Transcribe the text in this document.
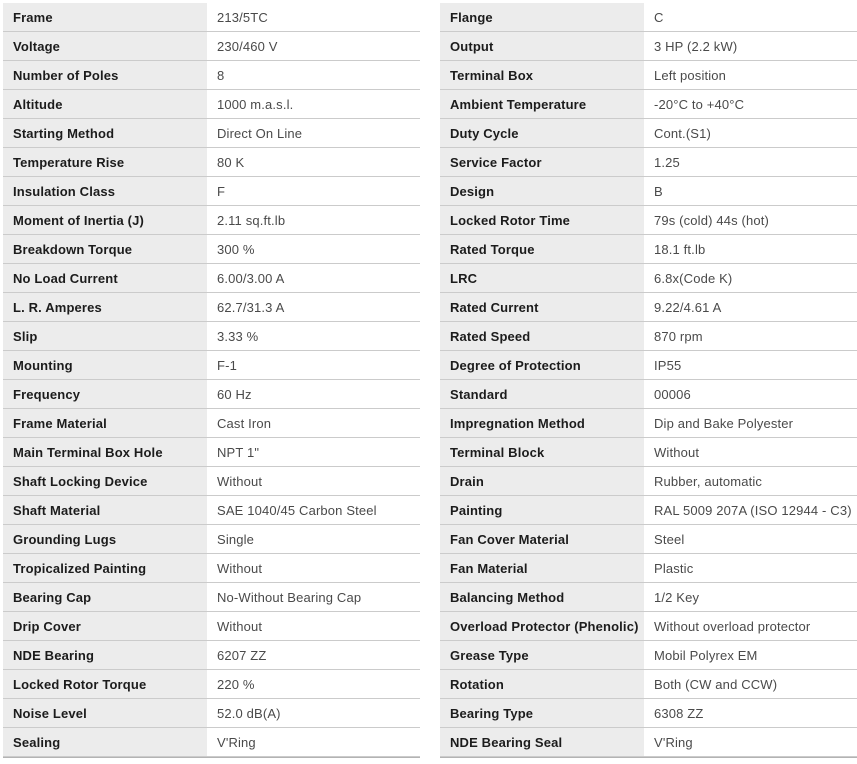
Frame	213/5TC
Voltage	230/460 V
Number of Poles	8
Altitude	1000 m.a.s.l.
Starting Method	Direct On Line
Temperature Rise	80 K
Insulation Class	F
Moment of Inertia (J)	2.11 sq.ft.lb
Breakdown Torque	300 %
No Load Current	6.00/3.00 A
L. R. Amperes	62.7/31.3 A
Slip	3.33 %
Mounting	F-1
Frequency	60 Hz
Frame Material	Cast Iron
Main Terminal Box Hole	NPT 1"
Shaft Locking Device	Without
Shaft Material	SAE 1040/45 Carbon Steel
Grounding Lugs	Single
Tropicalized Painting	Without
Bearing Cap	No-Without Bearing Cap
Drip Cover	Without
NDE Bearing	6207 ZZ
Locked Rotor Torque	220 %
Noise Level	52.0 dB(A)
Sealing	V'Ring
Flange	C
Output	3 HP (2.2 kW)
Terminal Box	Left position
Ambient Temperature	-20°C to +40°C
Duty Cycle	Cont.(S1)
Service Factor	1.25
Design	B
Locked Rotor Time	79s (cold) 44s (hot)
Rated Torque	18.1 ft.lb
LRC	6.8x(Code K)
Rated Current	9.22/4.61 A
Rated Speed	870 rpm
Degree of Protection	IP55
Standard	00006
Impregnation Method	Dip and Bake Polyester
Terminal Block	Without
Drain	Rubber, automatic
Painting	RAL 5009 207A (ISO 12944 - C3)
Fan Cover Material	Steel
Fan Material	Plastic
Balancing Method	1/2 Key
Overload Protector (Phenolic)	Without overload protector
Grease Type	Mobil Polyrex EM
Rotation	Both (CW and CCW)
Bearing Type	6308 ZZ
NDE Bearing Seal	V'Ring
